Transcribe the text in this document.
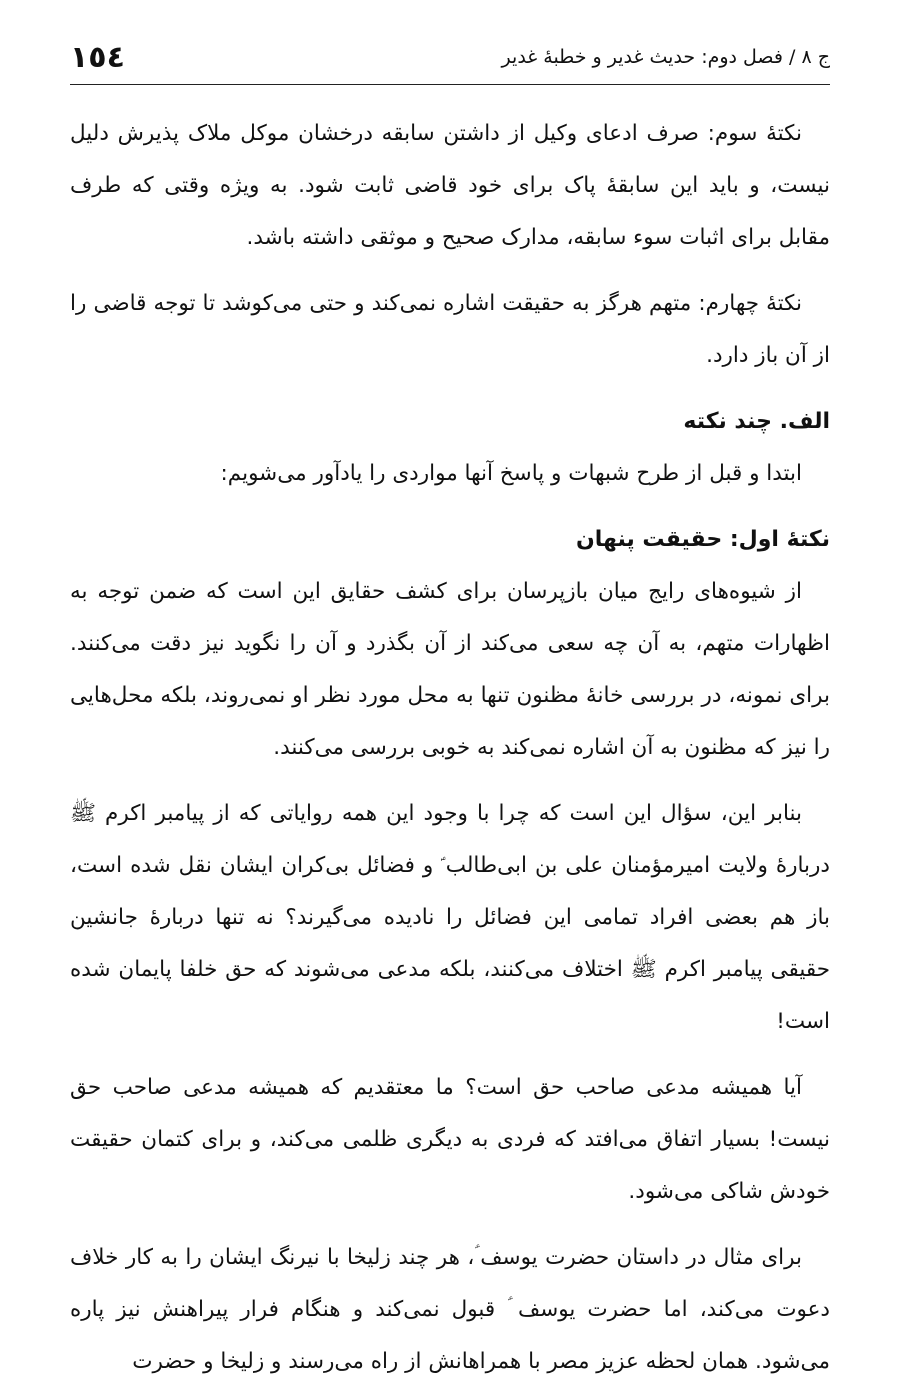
ج ٨ / فصل دوم: حدیث غدیر و خطبهٔ غدیر
١٥٤

نکتهٔ سوم: صرف ادعای وکیل از داشتن سابقه درخشان موکل ملاک پذیرش دلیل نیست، و باید این سابقهٔ پاک برای خود قاضی ثابت شود. به ویژه وقتی که طرف مقابل برای اثبات سوء سابقه، مدارک صحیح و موثقی داشته باشد.

نکتهٔ چهارم: متهم هرگز به حقیقت اشاره نمی‌کند و حتی می‌کوشد تا توجه قاضی را از آن باز دارد.

الف. چند نکته

ابتدا و قبل از طرح شبهات و پاسخ آنها مواردی را یادآور می‌شویم:

نکتهٔ اول: حقیقت پنهان

از شیوه‌های رایج میان بازپرسان برای کشف حقایق این است که ضمن توجه به اظهارات متهم، به آن چه سعی می‌کند از آن بگذرد و آن را نگوید نیز دقت می‌کنند. برای نمونه، در بررسی خانهٔ مظنون تنها به محل مورد نظر او نمی‌روند، بلکه محل‌هایی را نیز که مظنون به آن اشاره نمی‌کند به خوبی بررسی می‌کنند.

بنابر این، سؤال این است که چرا با وجود این همه روایاتی که از پیامبر اکرم ﷺ دربارهٔ ولایت امیرمؤمنان علی بن ابی‌طالب ؑ و فضائل بی‌کران ایشان نقل شده است، باز هم بعضی افراد تمامی این فضائل را نادیده می‌گیرند؟ نه تنها دربارهٔ جانشین حقیقی پیامبر اکرم ﷺ اختلاف می‌کنند، بلکه مدعی می‌شوند که حق خلفا پایمان شده است!

آیا همیشه مدعی صاحب حق است؟ ما معتقدیم که همیشه مدعی صاحب حق نیست! بسیار اتفاق می‌افتد که فردی به دیگری ظلمی می‌کند، و برای کتمان حقیقت خودش شاکی می‌شود.

برای مثال در داستان حضرت یوسف ؑ، هر چند زلیخا با نیرنگ ایشان را به کار خلاف دعوت می‌کند، اما حضرت یوسف ؑ قبول نمی‌کند و هنگام فرار پیراهنش نیز پاره می‌شود. همان لحظه عزیز مصر با همراهانش از راه می‌رسند و زلیخا و حضرت
